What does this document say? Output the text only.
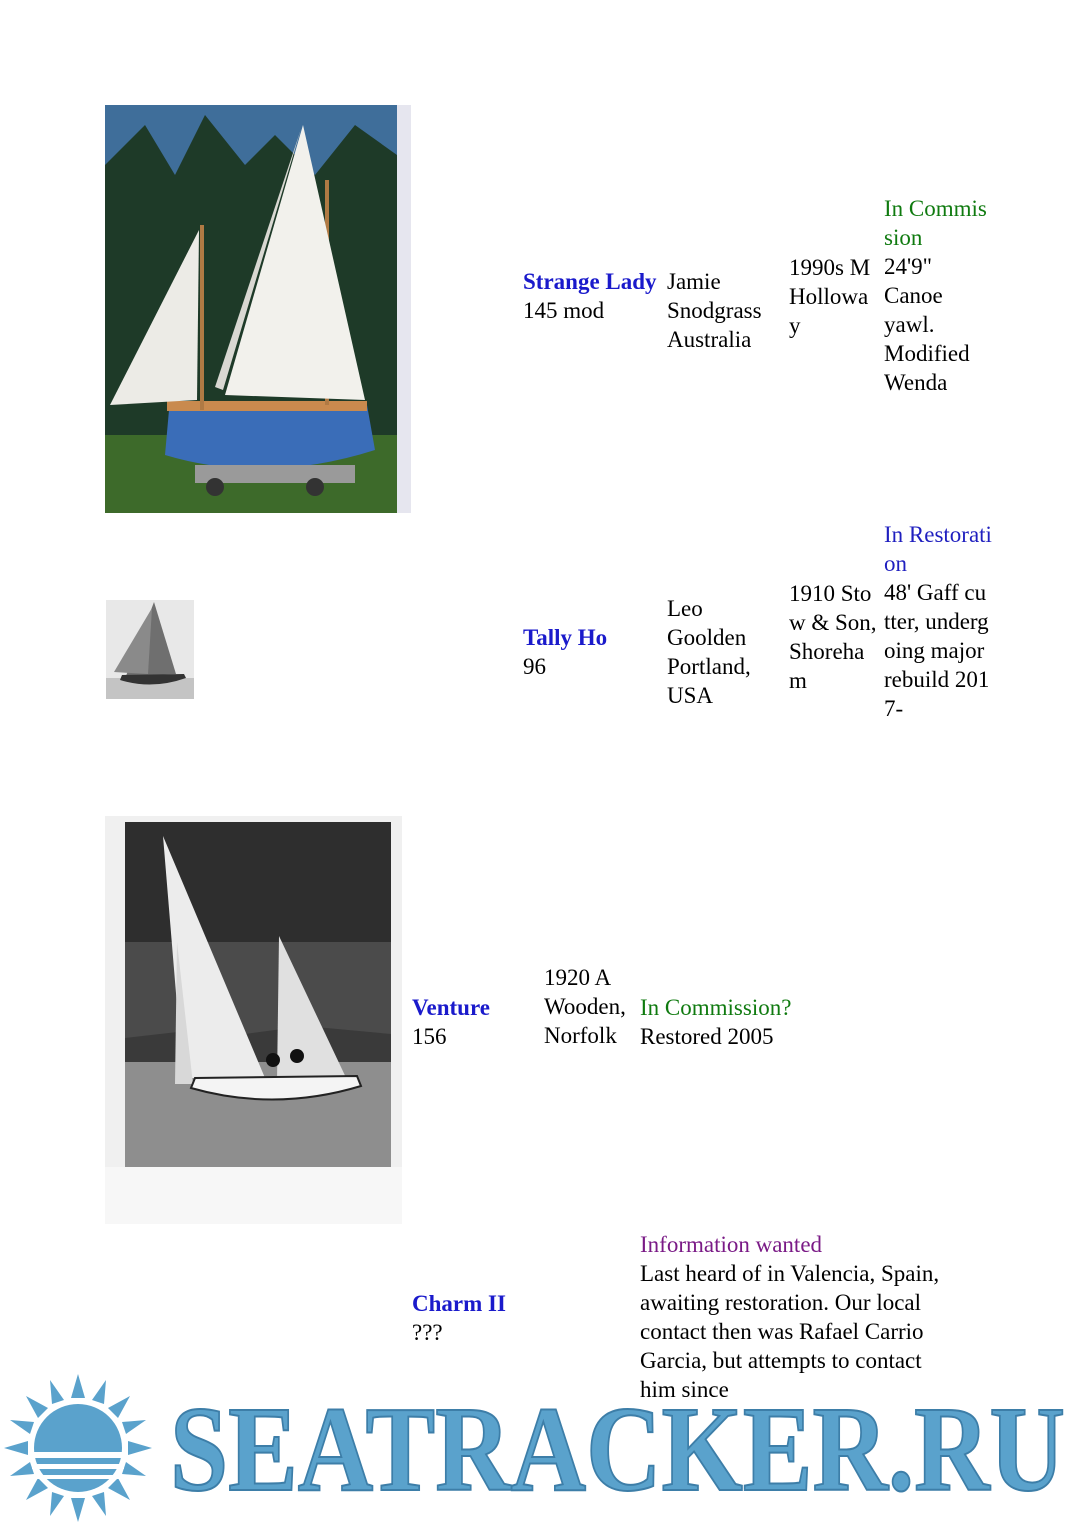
Strange Lady
145 mod
Jamie Snodgrass
Australia
1990s M Holloway
In Commission
24'9" Canoe yawl. Modified Wenda
Tally Ho
96
Leo Goolden
Portland, USA
1910 Stow & Son, Shoreham
In Restoration
48' Gaff cutter, undergoing major rebuild 2017-
Venture
156
1920 A Wooden, Norfolk
In Commission?
Restored 2005
Charm II
???
Information wanted
Last heard of in Valencia, Spain, awaiting restoration. Our local contact then was Rafael Carrio Garcia, but attempts to contact him since
SEATRACKER.RU
